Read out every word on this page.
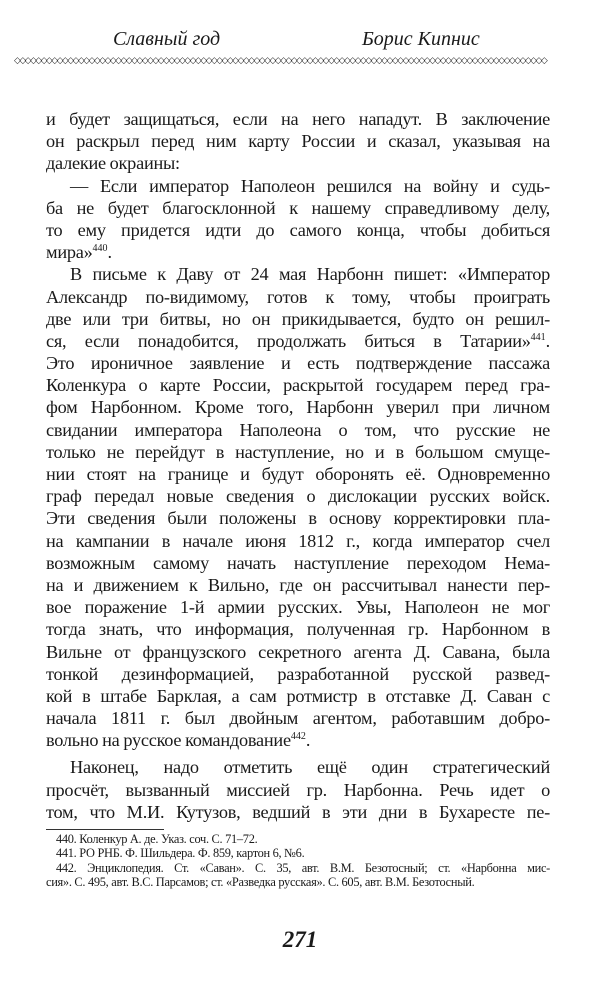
Славный год	Борис Кипнис
◇◇◇◇◇◇◇◇◇◇◇◇◇◇◇◇◇◇◇◇◇◇◇◇◇◇◇◇◇◇◇◇◇◇◇◇◇◇◇◇◇◇◇◇◇◇◇◇◇◇◇◇◇◇◇◇◇◇◇◇◇◇◇◇◇◇◇◇◇◇◇◇◇◇◇◇◇◇◇◇◇◇◇◇◇◇◇◇◇◇◇◇◇◇◇◇◇◇◇◇
и будет защищаться, если на него нападут. В заключение
он раскрыл перед ним карту России и сказал, указывая на
далекие окраины:
— Если император Наполеон решился на войну и судь-
ба не будет благосклонной к нашему справедливому делу,
то ему придется идти до самого конца, чтобы добиться
мира»$^{440}$.
В письме к Даву от 24 мая Нарбонн пишет: «Император
Александр по-видимому, готов к тому, чтобы проиграть
две или три битвы, но он прикидывается, будто он решил-
ся, если понадобится, продолжать биться в Татарии»$^{441}$.
Это ироничное заявление и есть подтверждение пассажа
Коленкура о карте России, раскрытой государем перед гра-
фом Нарбонном. Кроме того, Нарбонн уверил при личном
свидании императора Наполеона о том, что русские не
только не перейдут в наступление, но и в большом смуще-
нии стоят на границе и будут оборонять её. Одновременно
граф передал новые сведения о дислокации русских войск.
Эти сведения были положены в основу корректировки пла-
на кампании в начале июня 1812 г., когда император счел
возможным самому начать наступление переходом Нема-
на и движением к Вильно, где он рассчитывал нанести пер-
вое поражение 1-й армии русских. Увы, Наполеон не мог
тогда знать, что информация, полученная гр. Нарбонном в
Вильне от французского секретного агента Д. Савана, была
тонкой дезинформацией, разработанной русской развед-
кой в штабе Барклая, а сам ротмистр в отставке Д. Саван с
начала 1811 г. был двойным агентом, работавшим добро-
вольно на русское командование$^{442}$.
Наконец, надо отметить ещё один стратегический
просчёт, вызванный миссией гр. Нарбонна. Речь идет о
том, что М.И. Кутузов, ведший в эти дни в Бухаресте пе-
440. Коленкур А. де. Указ. соч. С. 71–72.
441. РО РНБ. Ф. Шильдера. Ф. 859, картон 6, №6.
442. Энциклопедия. Ст. «Саван». С. 35, авт. В.М. Безотосный; ст. «Нарбонна мис-
сия». С. 495, авт. В.С. Парсамов; ст. «Разведка русская». С. 605, авт. В.М. Безотосный.
271
